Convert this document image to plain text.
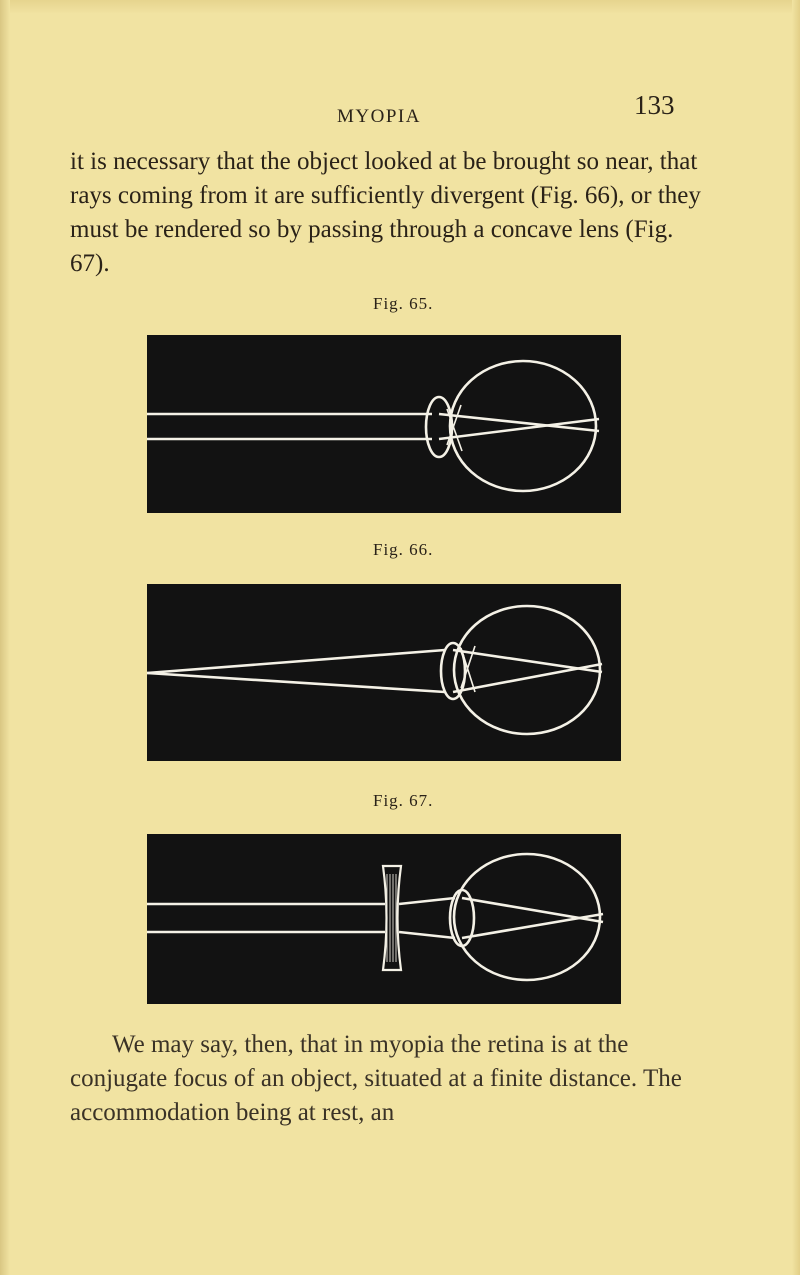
MYOPIA	133

it is necessary that the object looked at be brought so near, that rays coming from it are sufficiently divergent (Fig. 66), or they must be rendered so by passing through a concave lens (Fig. 67).

Fig. 65.

Fig. 66.

Fig. 67.

We may say, then, that in myopia the retina is at the conjugate focus of an object, situated at a finite distance. The accommodation being at rest, an
